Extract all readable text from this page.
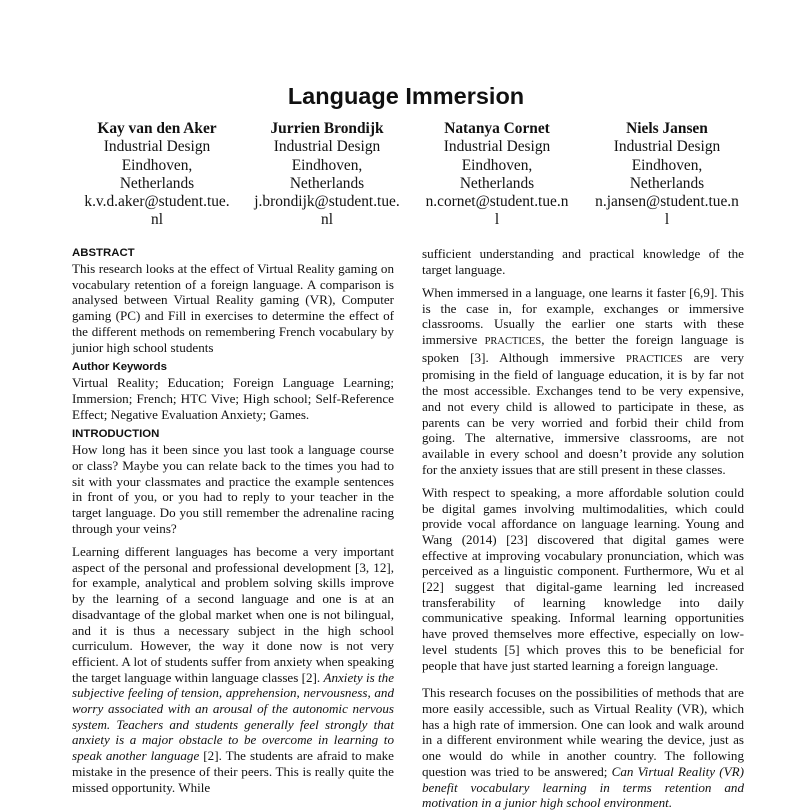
Language Immersion
Kay van den Aker
Industrial Design
Eindhoven,
Netherlands
k.v.d.aker@student.tue.
nl
Jurrien Brondijk
Industrial Design
Eindhoven,
Netherlands
j.brondijk@student.tue.
nl
Natanya Cornet
Industrial Design
Eindhoven,
Netherlands
n.cornet@student.tue.n
l
Niels Jansen
Industrial Design
Eindhoven,
Netherlands
n.jansen@student.tue.n
l
ABSTRACT

This research looks at the effect of Virtual Reality gaming on vocabulary retention of a foreign language. A comparison is analysed between Virtual Reality gaming (VR), Computer gaming (PC) and Fill in exercises to determine the effect of the different methods on remembering French vocabulary by junior high school students

Author Keywords

Virtual Reality; Education; Foreign Language Learning; Immersion; French; HTC Vive; High school; Self-Reference Effect; Negative Evaluation Anxiety; Games.

INTRODUCTION

How long has it been since you last took a language course or class? Maybe you can relate back to the times you had to sit with your classmates and practice the example sentences in front of you, or you had to reply to your teacher in the target language. Do you still remember the adrenaline racing through your veins?

Learning different languages has become a very important aspect of the personal and professional development [3, 12], for example, analytical and problem solving skills improve by the learning of a second language and one is at an disadvantage of the global market when one is not bilingual, and it is thus a necessary subject in the high school curriculum. However, the way it done now is not very efficient. A lot of students suffer from anxiety when speaking the target language within language classes [2]. Anxiety is the subjective feeling of tension, apprehension, nervousness, and worry associated with an arousal of the autonomic nervous system. Teachers and students generally feel strongly that anxiety is a major obstacle to be overcome in learning to speak another language [2]. The students are afraid to make mistake in the presence of their peers. This is really quite the missed opportunity. While

sufficient understanding and practical knowledge of the target language.

When immersed in a language, one learns it faster [6,9]. This is the case in, for example, exchanges or immersive classrooms. Usually the earlier one starts with these immersive PRACTICES, the better the foreign language is spoken [3]. Although immersive PRACTICES are very promising in the field of language education, it is by far not the most accessible. Exchanges tend to be very expensive, and not every child is allowed to participate in these, as parents can be very worried and forbid their child from going. The alternative, immersive classrooms, are not available in every school and doesn’t provide any solution for the anxiety issues that are still present in these classes.

With respect to speaking, a more affordable solution could be digital games involving multimodalities, which could provide vocal affordance on language learning. Young and Wang (2014) [23] discovered that digital games were effective at improving vocabulary pronunciation, which was perceived as a linguistic component. Furthermore, Wu et al [22] suggest that digital-game learning led increased transferability of learning knowledge into daily communicative speaking. Informal learning opportunities have proved themselves more effective, especially on low-level students [5] which proves this to be beneficial for people that have just started learning a foreign language.

This research focuses on the possibilities of methods that are more easily accessible, such as Virtual Reality (VR), which has a high rate of immersion. One can look and walk around in a different environment while wearing the device, just as one would do while in another country. The following question was tried to be answered; Can Virtual Reality (VR) benefit vocabulary learning in terms retention and motivation in a junior high school environment.
